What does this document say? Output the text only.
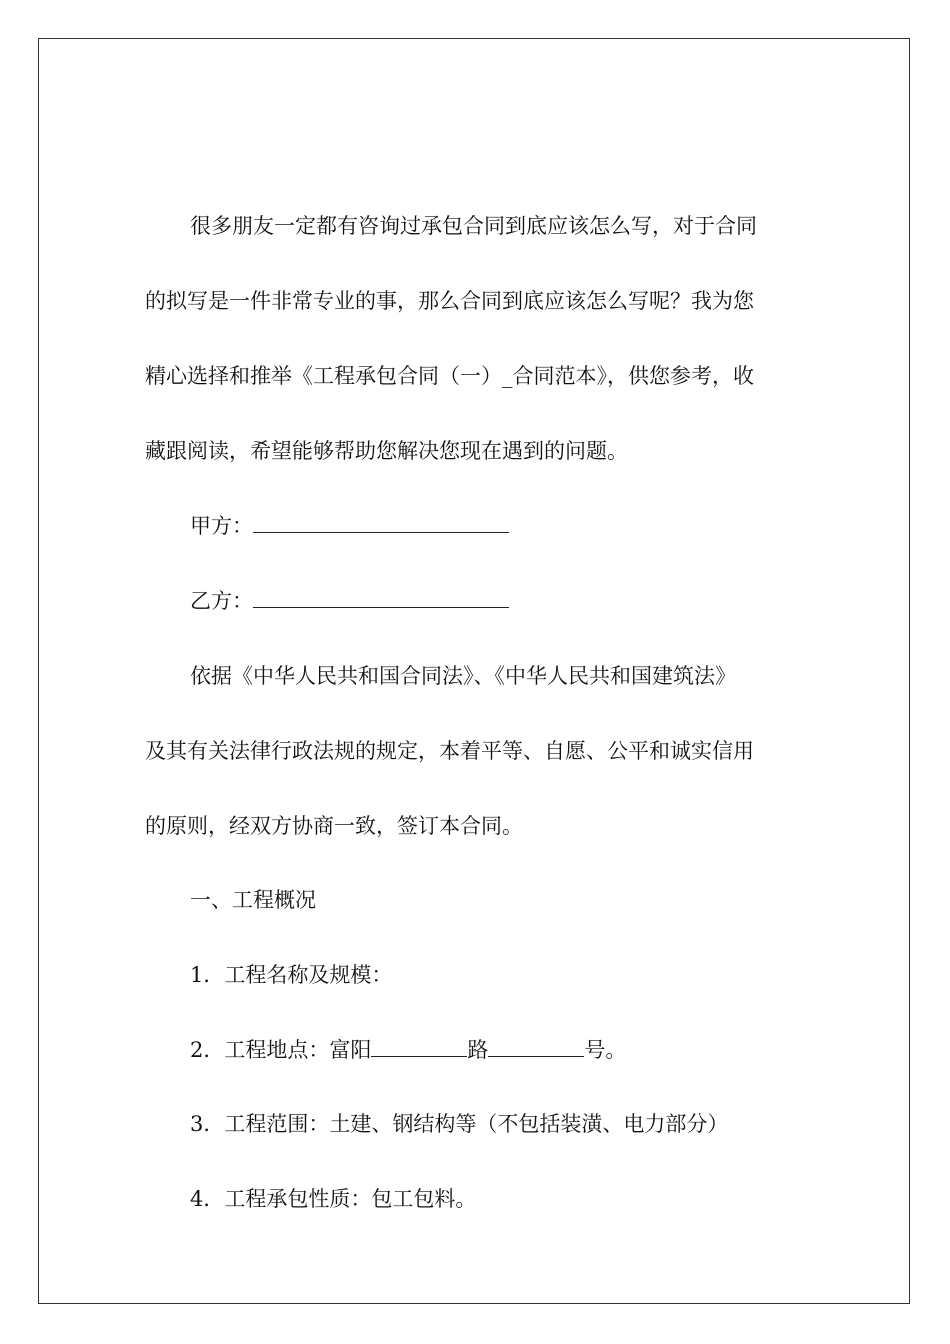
很多朋友一定都有咨询过承包合同到底应该怎么写，对于合同
的拟写是一件非常专业的事，那么合同到底应该怎么写呢？我为您
精心选择和推举《工程承包合同（一）_合同范本》，供您参考，收
藏跟阅读，希望能够帮助您解决您现在遇到的问题。
甲方：
乙方：
依据《中华人民共和国合同法》、《中华人民共和国建筑法》
及其有关法律行政法规的规定，本着平等、自愿、公平和诚实信用
的原则，经双方协商一致，签订本合同。
一、工程概况
1．工程名称及规模：
2．工程地点：富阳	路	号。
3．工程范围：土建、钢结构等（不包括装潢、电力部分）
4．工程承包性质：包工包料。
